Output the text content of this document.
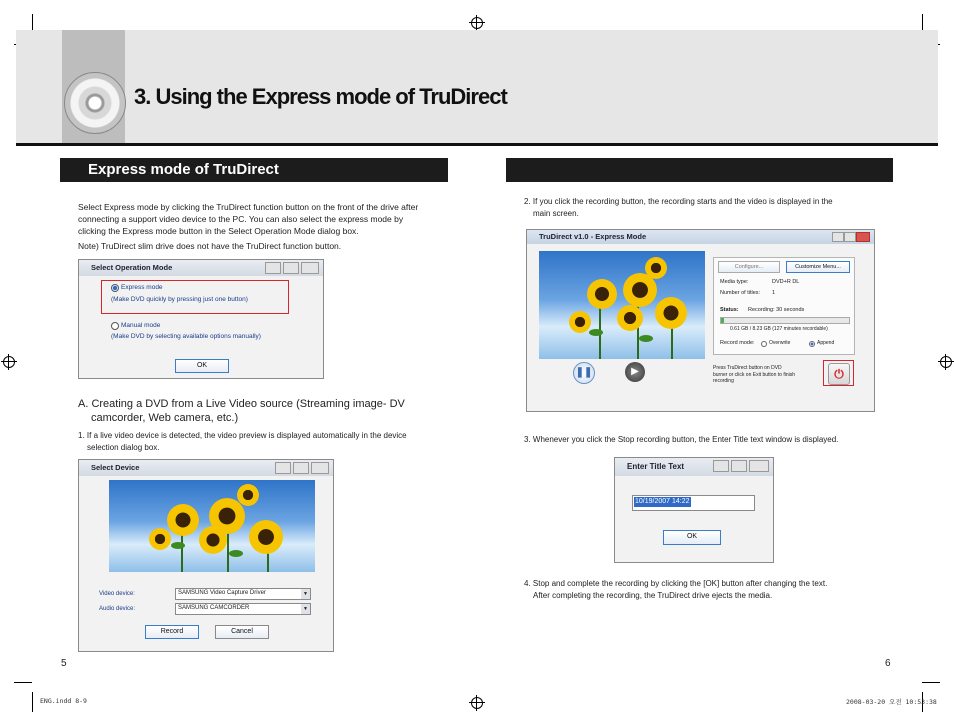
3. Using the Express mode of TruDirect
Express mode of TruDirect
Select Express mode by clicking the TruDirect function button on the front of the drive after
connecting a support video device to the PC. You can also select the express mode by
clicking the Express mode button in the Select Operation Mode dialog box.
Note) TruDirect slim drive does not have the TruDirect function button.
Select Operation Mode
Express mode
(Make DVD quickly by pressing just one button)
Manual mode
(Make DVD by selecting available options manually)
OK
A. Creating a DVD from a Live Video source (Streaming image- DV
camcorder, Web camera, etc.)
1. If a live video device is detected, the video preview is displayed automatically in the device
selection dialog box.
Select Device
Video device:	SAMSUNG Video Capture Driver	▼
Audio device:	SAMSUNG CAMCORDER	▼
Record	Cancel
5
2. If you click the recording button, the recording starts and the video is displayed in the
main screen.
TruDirect v1.0 - Express Mode
Configure...	Customize Menu...
Media type:	DVD+R DL
Number of titles: 1
Status: Recording: 30 seconds
0.61 GB / 8.23 GB (127 minutes recordable)
Record mode:	Overwrite	Append
❚❚	▶	Press TruDirect button on DVD
burner or click on Exit button to finish
recording	⏻
3. Whenever you click the Stop recording button, the Enter Title text window is displayed.
Enter Title Text
10/19/2007 14:22
OK
4. Stop and complete the recording by clicking the [OK] button after changing the text.
After completing the recording, the TruDirect drive ejects the media.
6
ENG.indd 8-9	2008-03-20 오전 10:53:38
